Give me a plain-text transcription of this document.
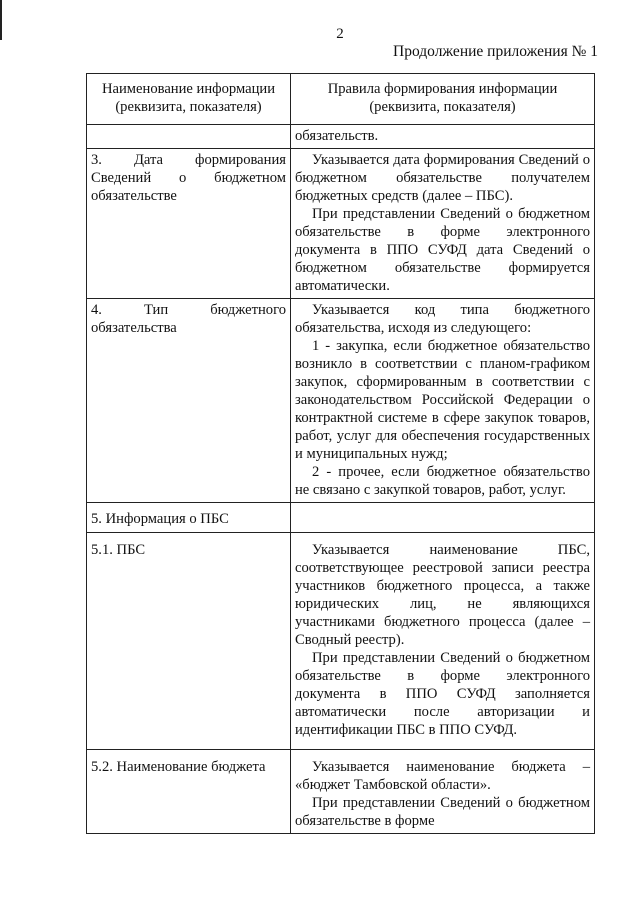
2
Продолжение приложения № 1
Наименование информации (реквизита, показателя)	Правила формирования информации (реквизита, показателя)

	обязательств.

3. Дата формирования Сведений о бюджетном обязательстве	Указывается дата формирования Сведений о бюджетном обязательстве получателем бюджетных средств (далее – ПБС).

При представлении Сведений о бюджетном обязательстве в форме электронного документа в ППО СУФД дата Сведений о бюджетном обязательстве формируется автоматически.

4. Тип бюджетного обязательства	Указывается код типа бюджетного обязательства, исходя из следующего:

1 - закупка, если бюджетное обязательство возникло в соответствии с планом-графиком закупок, сформированным в соответствии с законодательством Российской Федерации о контрактной системе в сфере закупок товаров, работ, услуг для обеспечения государственных и муниципальных нужд;

2 - прочее, если бюджетное обязательство не связано с закупкой товаров, работ, услуг.

5. Информация о ПБС	
5.1. ПБС	Указывается наименование ПБС, соответствующее реестровой записи реестра участников бюджетного процесса, а также юридических лиц, не являющихся участниками бюджетного процесса (далее – Сводный реестр).

При представлении Сведений о бюджетном обязательстве в форме электронного документа в ППО СУФД заполняется автоматически после авторизации и идентификации ПБС в ППО СУФД.

5.2. Наименование бюджета	Указывается наименование бюджета – «бюджет Тамбовской области».

При представлении Сведений о бюджетном обязательстве в форме
